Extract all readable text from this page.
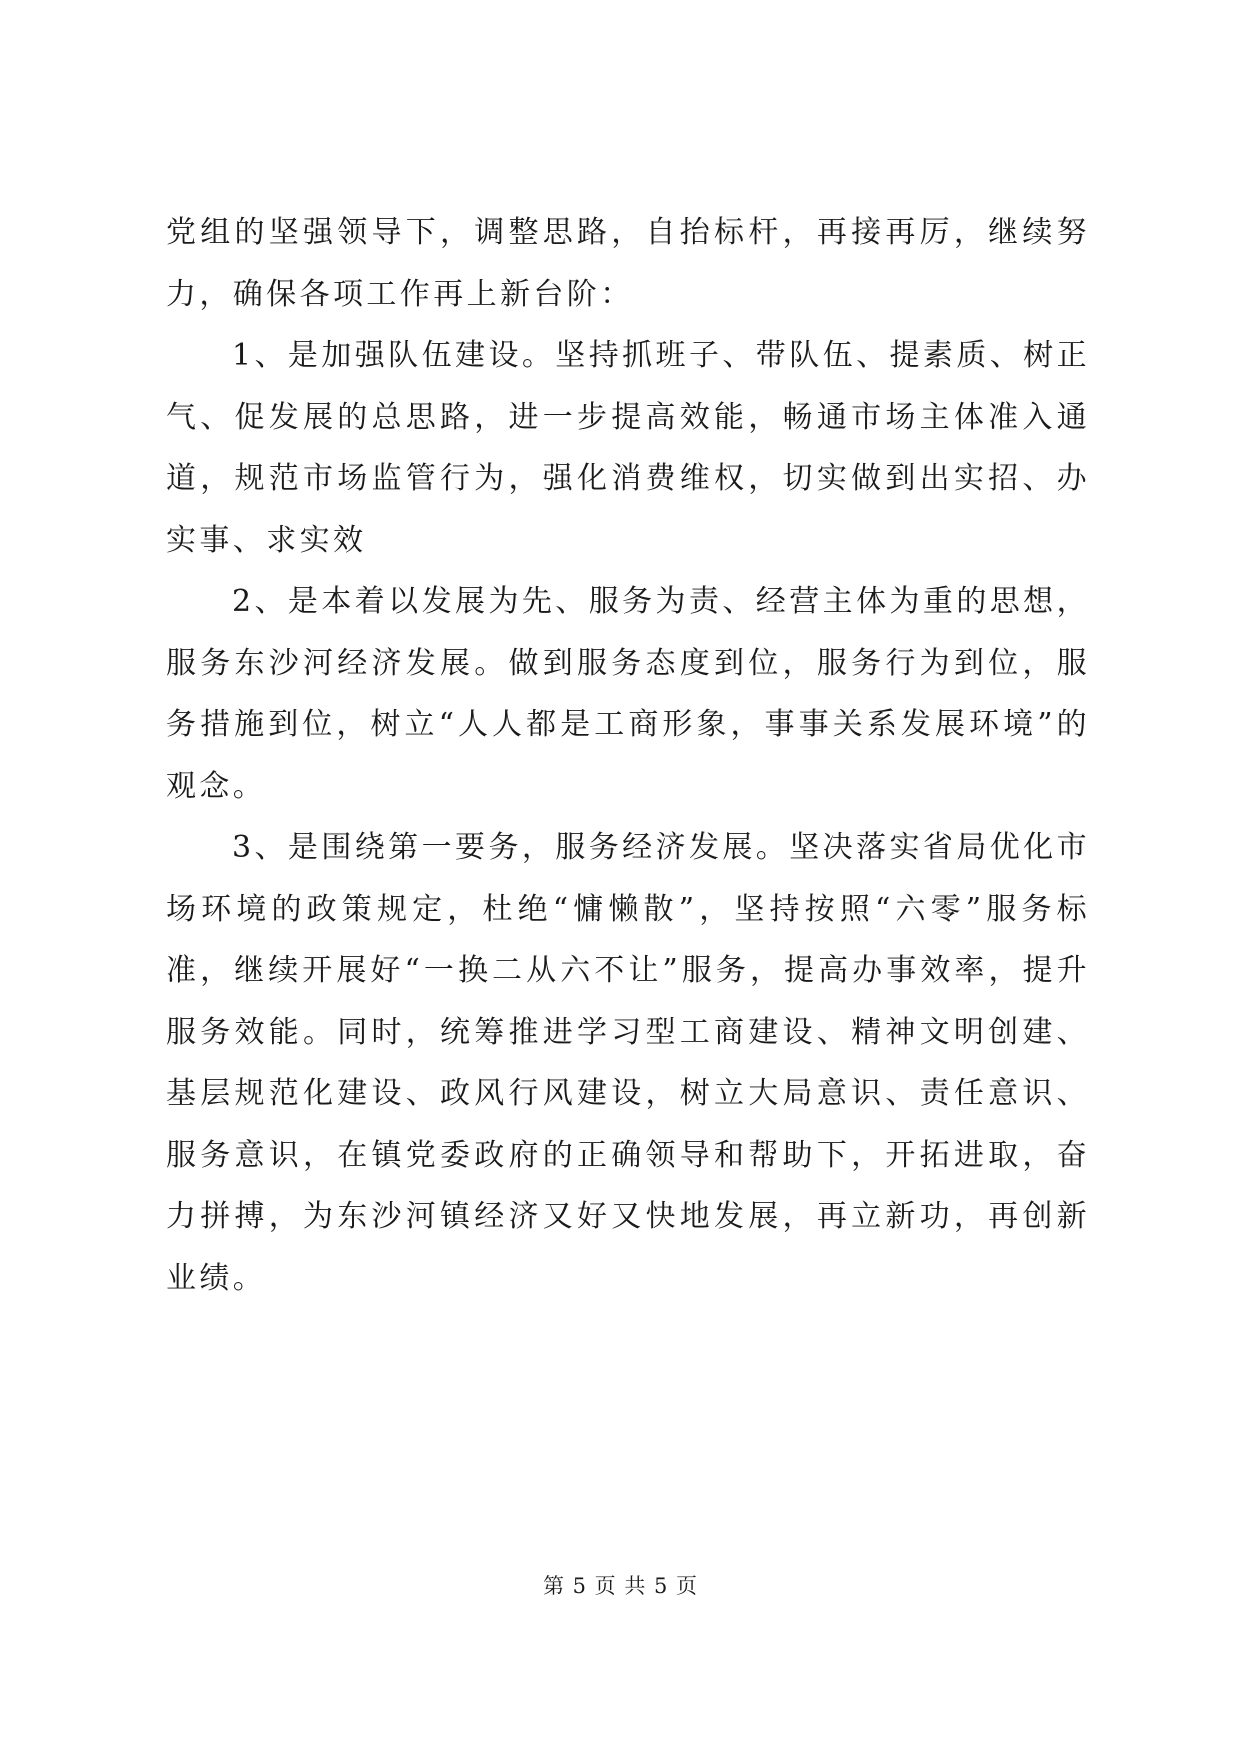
党组的坚强领导下，调整思路，自抬标杆，再接再厉，继续努力，确保各项工作再上新台阶：

1、是加强队伍建设。坚持抓班子、带队伍、提素质、树正气、促发展的总思路，进一步提高效能，畅通市场主体准入通道，规范市场监管行为，强化消费维权，切实做到出实招、办实事、求实效

2、是本着以发展为先、服务为责、经营主体为重的思想，服务东沙河经济发展。做到服务态度到位，服务行为到位，服务措施到位，树立“人人都是工商形象，事事关系发展环境”的观念。

3、是围绕第一要务，服务经济发展。坚决落实省局优化市场环境的政策规定，杜绝“慵懒散”，坚持按照“六零”服务标准，继续开展好“一换二从六不让”服务，提高办事效率，提升服务效能。同时，统筹推进学习型工商建设、精神文明创建、基层规范化建设、政风行风建设，树立大局意识、责任意识、服务意识，在镇党委政府的正确领导和帮助下，开拓进取，奋力拼搏，为东沙河镇经济又好又快地发展，再立新功，再创新业绩。

第 5 页 共 5 页
